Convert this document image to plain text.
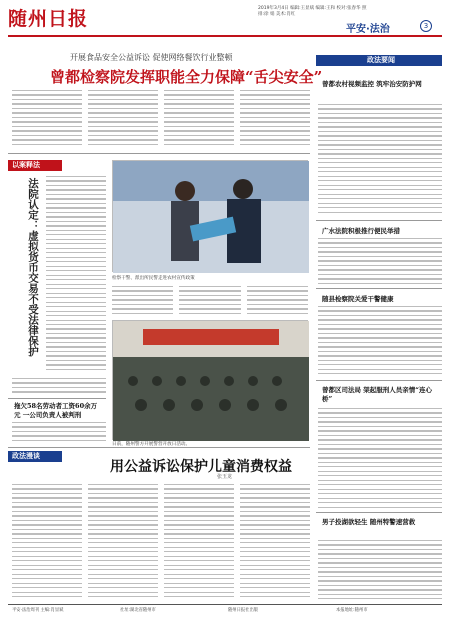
随州日报	2019年3月4日 编辑:王显斌 编辑:王和 校对:张春华 照排:徐 娟 美术:肖红
平安·法治	3
开展食品安全公益诉讼 促使网络餐饮行业整顿
曾都检察院发挥职能全力保障“舌尖安全”
以案释法
法院认定：虚拟货币交易不受法律保护
拖欠58名劳动者工资60余万元 一公司负责人被判刑
检察干警、派出所民警走进农村宣传政策
日前，随州警方开展警营开放日活动。
政法要闻
曾都农村视频监控 筑牢治安防护网
广水法院积极推行便民举措
随县检察院关爱干警健康
曾都区司法局 架起服刑人员亲情“连心桥”
男子投湖欲轻生 随州特警速营救
政法漫谈
用公益诉讼保护儿童消费权益
张玉龙
平安·法治周刊 主编:肖显斌	社址:湖北省随州市	随州日报社出版	本报地址:随州市
